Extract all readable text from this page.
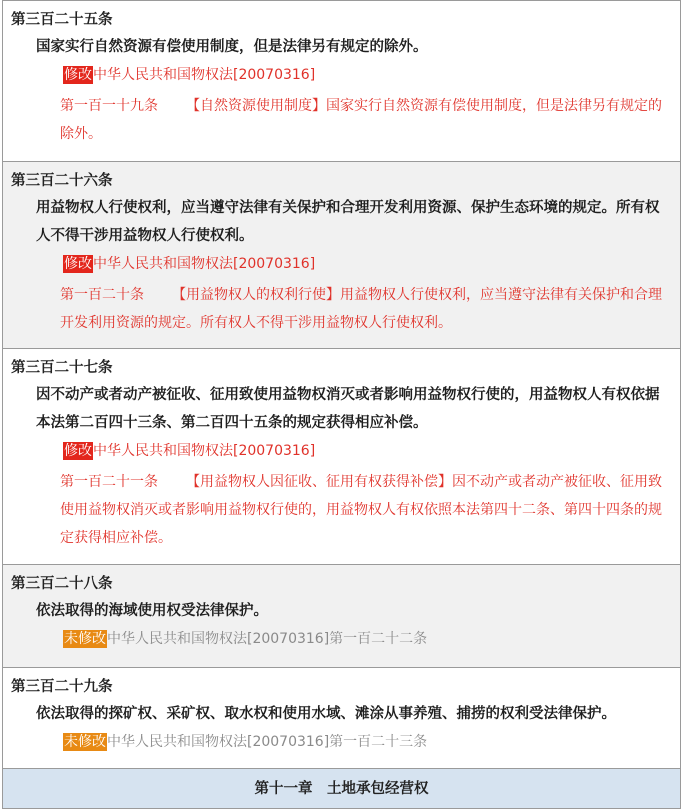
第三百二十五条
国家实行自然资源有偿使用制度，但是法律另有规定的除外。
修改中华人民共和国物权法[20070316]
第一百一十九条 【自然资源使用制度】国家实行自然资源有偿使用制度，但是法律另有规定的除外。
第三百二十六条
用益物权人行使权利，应当遵守法律有关保护和合理开发利用资源、保护生态环境的规定。所有权人不得干涉用益物权人行使权利。
修改中华人民共和国物权法[20070316]
第一百二十条 【用益物权人的权利行使】用益物权人行使权利，应当遵守法律有关保护和合理开发利用资源的规定。所有权人不得干涉用益物权人行使权利。
第三百二十七条
因不动产或者动产被征收、征用致使用益物权消灭或者影响用益物权行使的，用益物权人有权依据本法第二百四十三条、第二百四十五条的规定获得相应补偿。
修改中华人民共和国物权法[20070316]
第一百二十一条 【用益物权人因征收、征用有权获得补偿】因不动产或者动产被征收、征用致使用益物权消灭或者影响用益物权行使的，用益物权人有权依照本法第四十二条、第四十四条的规定获得相应补偿。
第三百二十八条
依法取得的海域使用权受法律保护。
未修改中华人民共和国物权法[20070316]第一百二十二条
第三百二十九条
依法取得的探矿权、采矿权、取水权和使用水域、滩涂从事养殖、捕捞的权利受法律保护。
未修改中华人民共和国物权法[20070316]第一百二十三条
第十一章　土地承包经营权
